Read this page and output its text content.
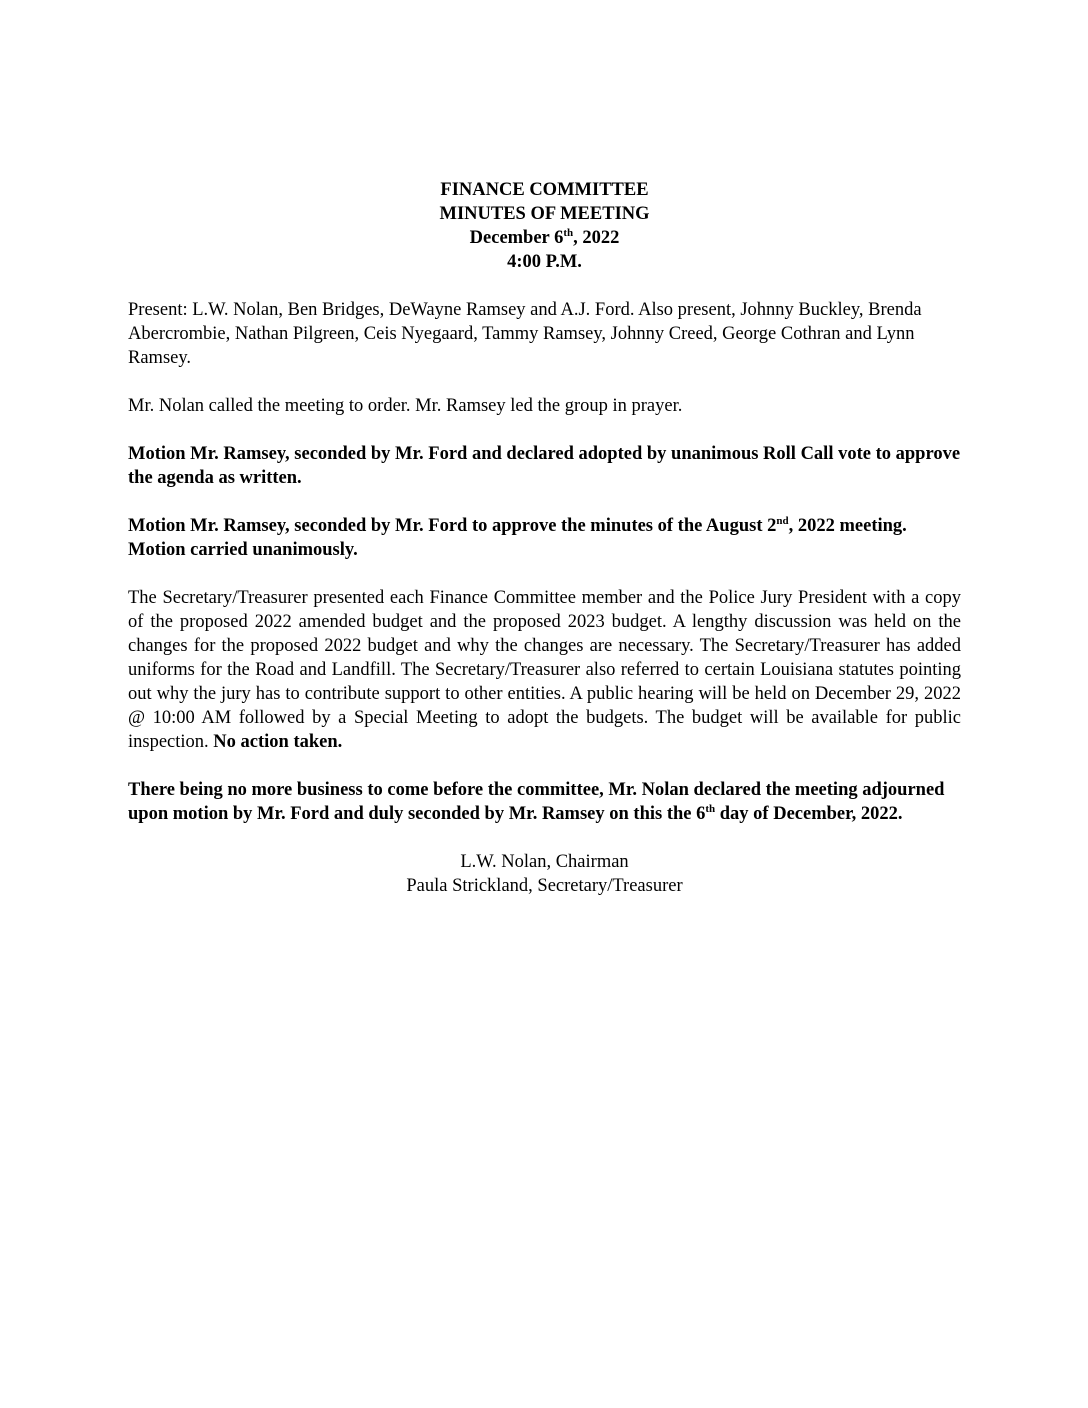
FINANCE COMMITTEE
MINUTES OF MEETING
December 6th, 2022
4:00 P.M.

Present: L.W. Nolan, Ben Bridges, DeWayne Ramsey and A.J. Ford. Also present, Johnny Buckley, Brenda Abercrombie, Nathan Pilgreen, Ceis Nyegaard, Tammy Ramsey, Johnny Creed, George Cothran and Lynn Ramsey.

Mr. Nolan called the meeting to order. Mr. Ramsey led the group in prayer.

Motion Mr. Ramsey, seconded by Mr. Ford and declared adopted by unanimous Roll Call vote to approve the agenda as written.

Motion Mr. Ramsey, seconded by Mr. Ford to approve the minutes of the August 2nd, 2022 meeting. Motion carried unanimously.

The Secretary/Treasurer presented each Finance Committee member and the Police Jury President with a copy of the proposed 2022 amended budget and the proposed 2023 budget. A lengthy discussion was held on the changes for the proposed 2022 budget and why the changes are necessary. The Secretary/Treasurer has added uniforms for the Road and Landfill. The Secretary/Treasurer also referred to certain Louisiana statutes pointing out why the jury has to contribute support to other entities. A public hearing will be held on December 29, 2022 @ 10:00 AM followed by a Special Meeting to adopt the budgets. The budget will be available for public inspection. No action taken.

There being no more business to come before the committee, Mr. Nolan declared the meeting adjourned upon motion by Mr. Ford and duly seconded by Mr. Ramsey on this the 6th day of December, 2022.

L.W. Nolan, Chairman
Paula Strickland, Secretary/Treasurer
